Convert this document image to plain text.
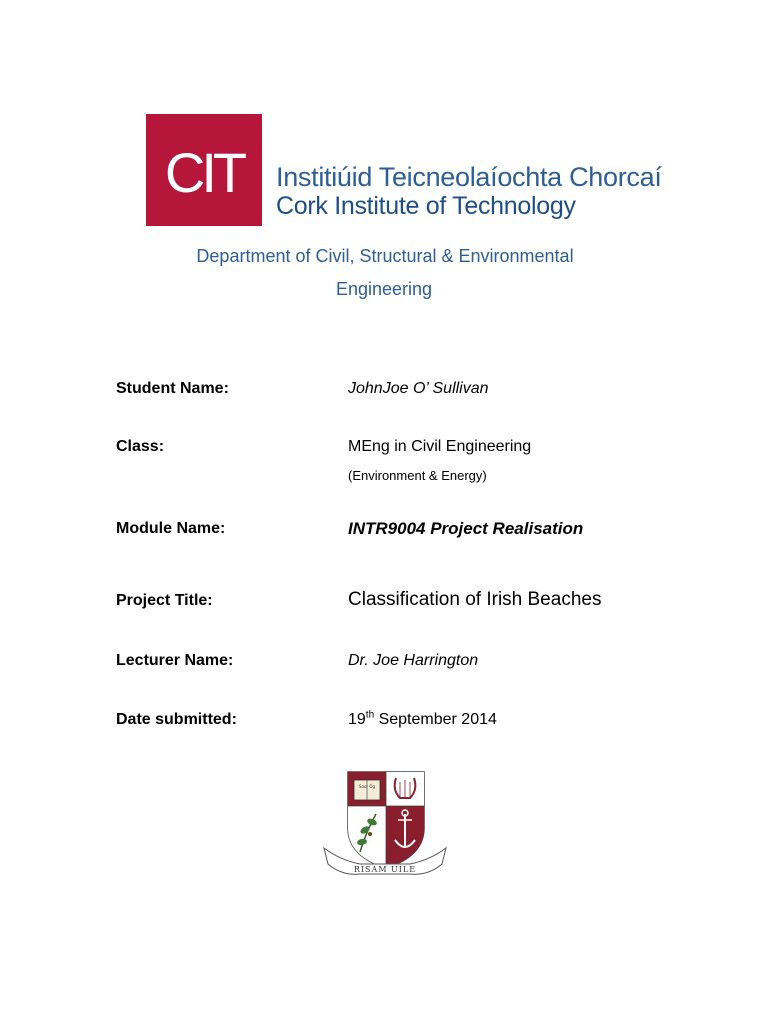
CIT Institiúid Teicneolaíochta Chorcaí
Cork Institute of Technology
Department of Civil, Structural & Environmental
Engineering
Student Name:	JohnJoe O’ Sullivan
Class:	MEng in Civil Engineering
(Environment & Energy)
Module Name:	INTR9004 Project Realisation
Project Title:	Classification of Irish Beaches
Lecturer Name:	Dr. Joe Harrington
Date submitted:	19th September 2014
Saor Óg
RISAM UILE
